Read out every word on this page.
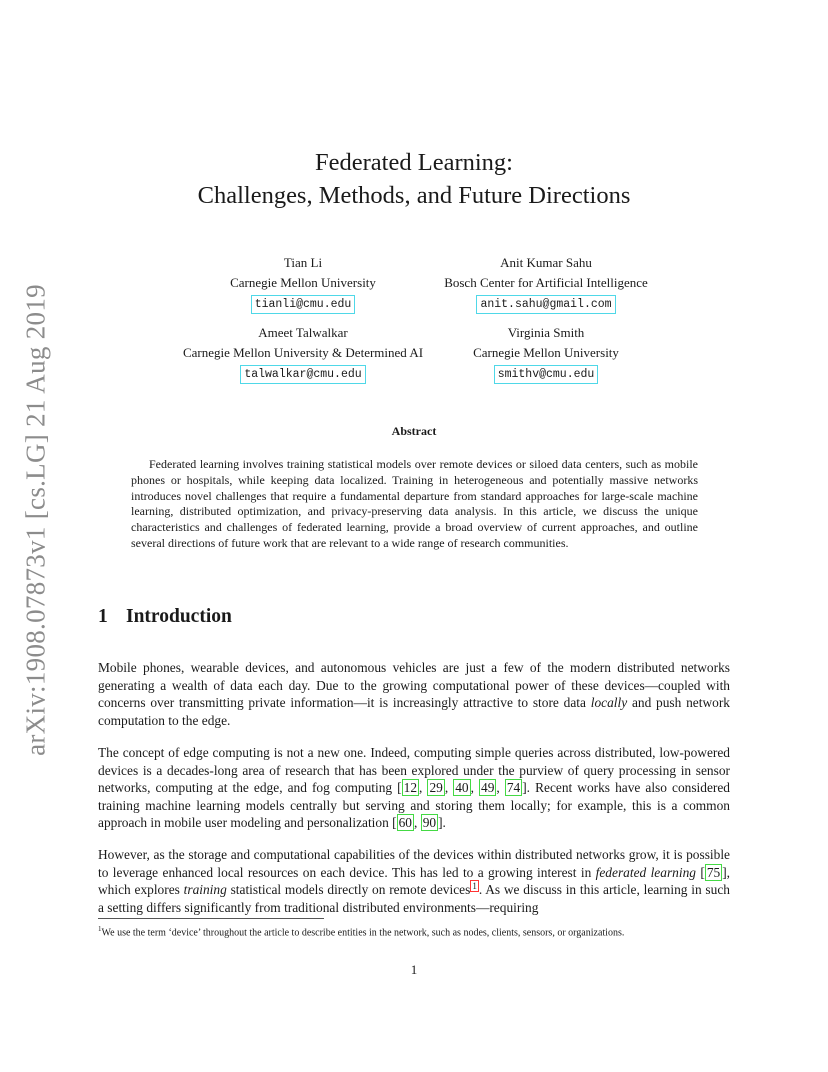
arXiv:1908.07873v1 [cs.LG] 21 Aug 2019
Federated Learning:
Challenges, Methods, and Future Directions
Tian Li
Carnegie Mellon University
tianli@cmu.edu
Anit Kumar Sahu
Bosch Center for Artificial Intelligence
anit.sahu@gmail.com
Ameet Talwalkar
Carnegie Mellon University & Determined AI
talwalkar@cmu.edu
Virginia Smith
Carnegie Mellon University
smithv@cmu.edu
Abstract

Federated learning involves training statistical models over remote devices or siloed data centers, such as mobile phones or hospitals, while keeping data localized. Training in heterogeneous and potentially massive networks introduces novel challenges that require a fundamental departure from standard approaches for large-scale machine learning, distributed optimization, and privacy-preserving data analysis. In this article, we discuss the unique characteristics and challenges of federated learning, provide a broad overview of current approaches, and outline several directions of future work that are relevant to a wide range of research communities.

1 Introduction

Mobile phones, wearable devices, and autonomous vehicles are just a few of the modern distributed networks generating a wealth of data each day. Due to the growing computational power of these devices—coupled with concerns over transmitting private information—it is increasingly attractive to store data locally and push network computation to the edge.

The concept of edge computing is not a new one. Indeed, computing simple queries across distributed, low-powered devices is a decades-long area of research that has been explored under the purview of query processing in sensor networks, computing at the edge, and fog computing [ 12 , 29 , 40 , 49 , 74 ]. Recent works have also considered training machine learning models centrally but serving and storing them locally; for example, this is a common approach in mobile user modeling and personalization [ 60 , 90 ].

However, as the storage and computational capabilities of the devices within distributed networks grow, it is possible to leverage enhanced local resources on each device. This has led to a growing interest in federated learning [ 75 ], which explores training statistical models directly on remote devices $^1$ . As we discuss in this article, learning in such a setting differs significantly from traditional distributed environments—requiring

$^1$We use the term ‘device’ throughout the article to describe entities in the network, such as nodes, clients, sensors, or organizations.

1
